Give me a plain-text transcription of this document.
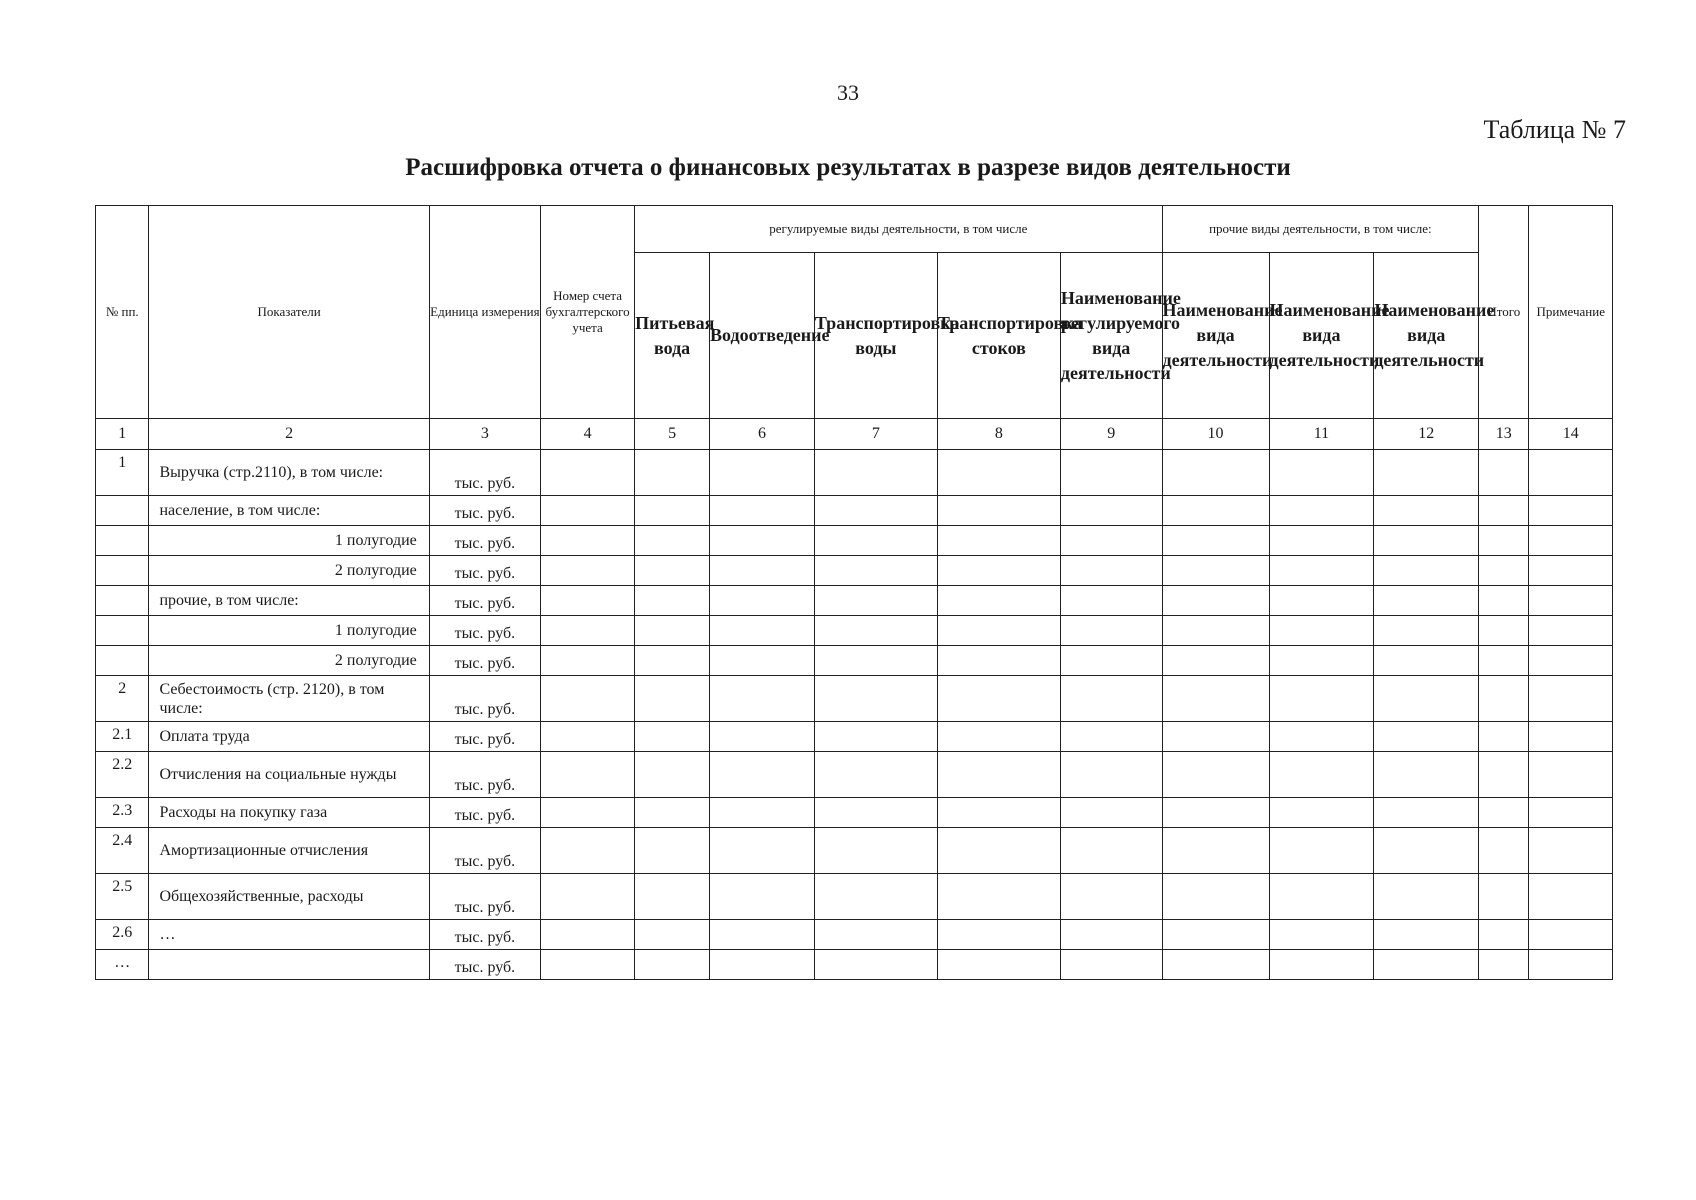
33
Таблица № 7
Расшифровка отчета о финансовых результатах в разрезе видов деятельности
№ пп.	Показатели	Единица измерения	Номер счета бухгалтерского учета	регулируемые виды деятельности, в том числе					прочие виды деятельности, в том числе:			Итого	Примечание
				Питьевая вода	Водоотведение	Транспортировка воды	Транспортировка стоков	Наименование регулируемого вида деятельности	Наименование вида деятельности	Наименование вида деятельности	Наименование вида деятельности		
1	2	3	4	5	6	7	8	9	10	11	12	13	14
1	Выручка (стр.2110), в том числе:	тыс. руб.											
	население, в том числе:	тыс. руб.											
	1 полугодие	тыс. руб.											
	2 полугодие	тыс. руб.											
	прочие, в том числе:	тыс. руб.											
	1 полугодие	тыс. руб.											
	2 полугодие	тыс. руб.											
2	Себестоимость (стр. 2120), в том числе:	тыс. руб.											
2.1	Оплата труда	тыс. руб.											
2.2	Отчисления на социальные нужды	тыс. руб.											
2.3	Расходы на покупку газа	тыс. руб.											
2.4	Амортизационные отчисления	тыс. руб.											
2.5	Общехозяйственные, расходы	тыс. руб.											
2.6	…	тыс. руб.											
…		тыс. руб.											
